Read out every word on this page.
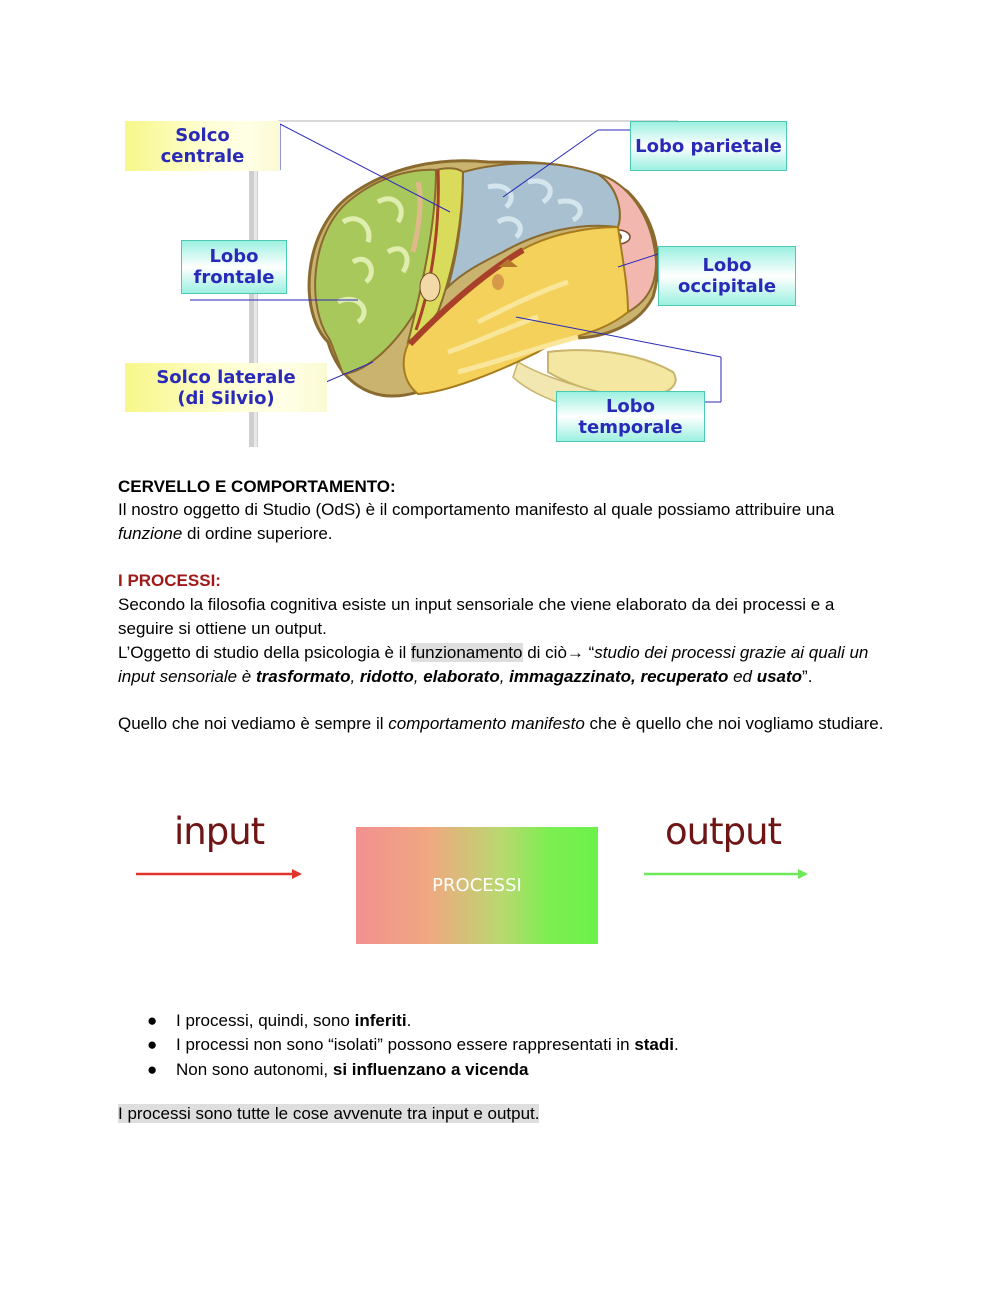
Solco
centrale	Lobo parietale
Lobo
frontale
Lobo
occipitale
Solco laterale
(di Silvio)	Lobo
temporale
CERVELLO E COMPORTAMENTO:
Il nostro oggetto di Studio (OdS) è il comportamento manifesto al quale possiamo attribuire una funzione di ordine superiore.
I PROCESSI:
Secondo la filosofia cognitiva esiste un input sensoriale che viene elaborato da dei processi e a seguire si ottiene un output.
L’Oggetto di studio della psicologia è il funzionamento di ciò→ “studio dei processi grazie ai quali un input sensoriale è trasformato, ridotto, elaborato, immagazzinato, recuperato ed usato”.
Quello che noi vediamo è sempre il comportamento manifesto che è quello che noi vogliamo studiare.
input	output
PROCESSI
● I processi, quindi, sono inferiti.
● I processi non sono “isolati” possono essere rappresentati in stadi.
● Non sono autonomi, si influenzano a vicenda
I processi sono tutte le cose avvenute tra input e output.
